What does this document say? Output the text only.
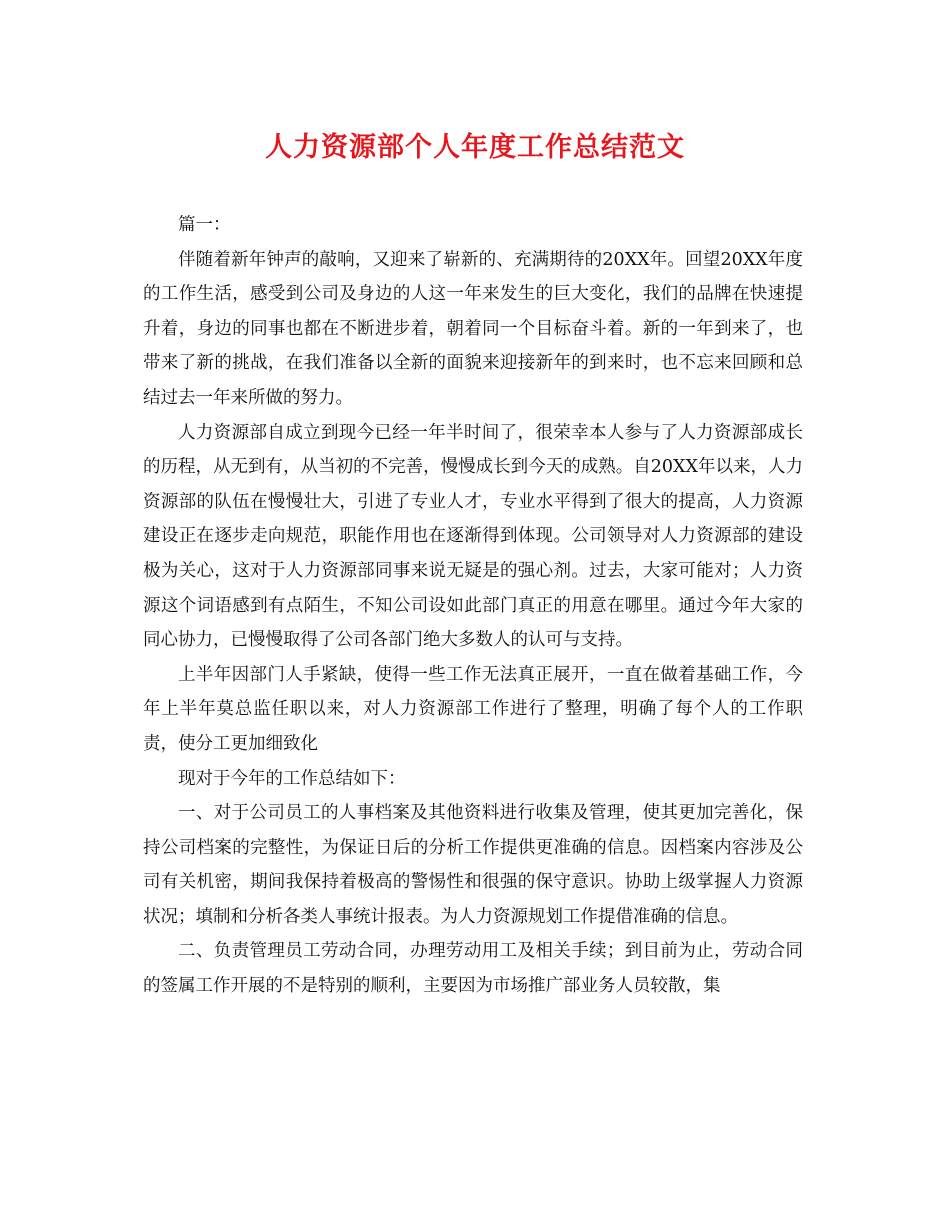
人力资源部个人年度工作总结范文

篇一：

伴随着新年钟声的敲响，又迎来了崭新的、充满期待的20XX年。回望20XX年度的工作生活，感受到公司及身边的人这一年来发生的巨大变化，我们的品牌在快速提升着，身边的同事也都在不断进步着，朝着同一个目标奋斗着。新的一年到来了，也带来了新的挑战，在我们准备以全新的面貌来迎接新年的到来时，也不忘来回顾和总结过去一年来所做的努力。

人力资源部自成立到现今已经一年半时间了，很荣幸本人参与了人力资源部成长的历程，从无到有，从当初的不完善，慢慢成长到今天的成熟。自20XX年以来，人力资源部的队伍在慢慢壮大，引进了专业人才，专业水平得到了很大的提高，人力资源建设正在逐步走向规范，职能作用也在逐渐得到体现。公司领导对人力资源部的建设极为关心，这对于人力资源部同事来说无疑是的强心剂。过去，大家可能对；人力资源这个词语感到有点陌生，不知公司设如此部门真正的用意在哪里。通过今年大家的同心协力，已慢慢取得了公司各部门绝大多数人的认可与支持。

上半年因部门人手紧缺，使得一些工作无法真正展开，一直在做着基础工作，今年上半年莫总监任职以来，对人力资源部工作进行了整理，明确了每个人的工作职责，使分工更加细致化

现对于今年的工作总结如下：

一、对于公司员工的人事档案及其他资料进行收集及管理，使其更加完善化，保持公司档案的完整性，为保证日后的分析工作提供更准确的信息。因档案内容涉及公司有关机密，期间我保持着极高的警惕性和很强的保守意识。协助上级掌握人力资源状况；填制和分析各类人事统计报表。为人力资源规划工作提借准确的信息。

二、负责管理员工劳动合同，办理劳动用工及相关手续；到目前为止，劳动合同的签属工作开展的不是特别的顺利，主要因为市场推广部业务人员较散，集
